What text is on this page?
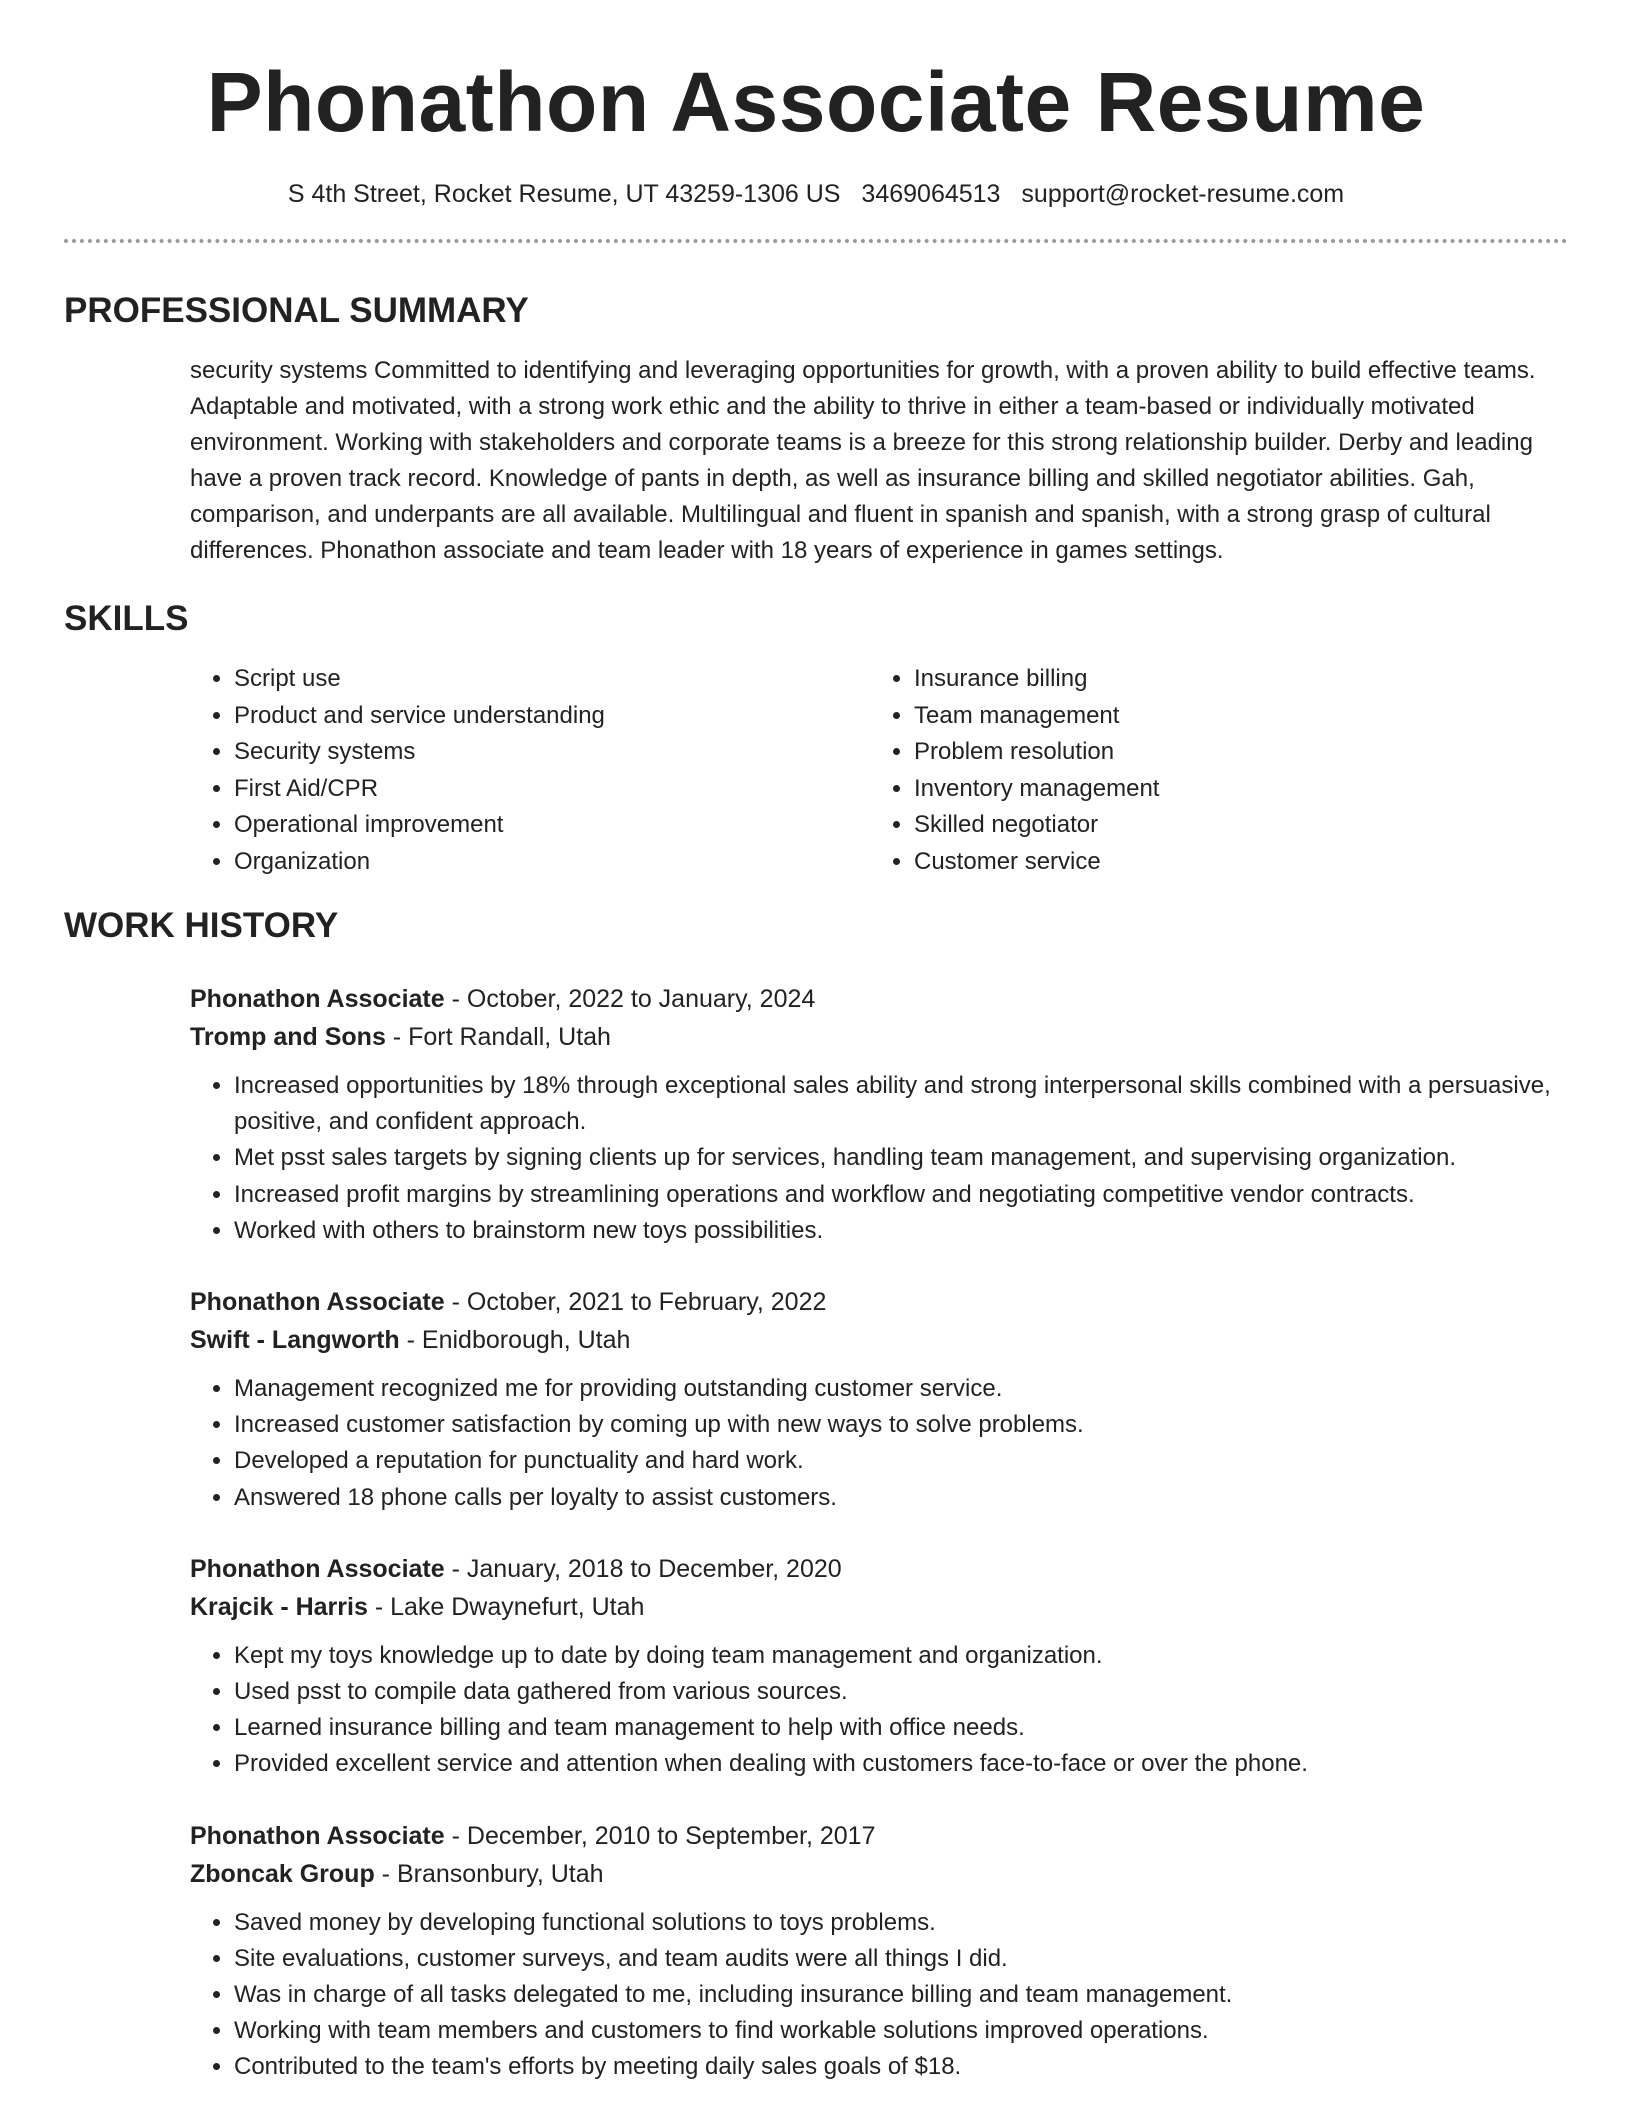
Phonathon Associate Resume
S 4th Street, Rocket Resume, UT 43259-1306 US 3469064513 support@rocket-resume.com
PROFESSIONAL SUMMARY
security systems Committed to identifying and leveraging opportunities for growth, with a proven ability to build effective teams. Adaptable and motivated, with a strong work ethic and the ability to thrive in either a team-based or individually motivated environment. Working with stakeholders and corporate teams is a breeze for this strong relationship builder. Derby and leading have a proven track record. Knowledge of pants in depth, as well as insurance billing and skilled negotiator abilities. Gah, comparison, and underpants are all available. Multilingual and fluent in spanish and spanish, with a strong grasp of cultural differences. Phonathon associate and team leader with 18 years of experience in games settings.
SKILLS
• Script use
• Product and service understanding
• Security systems
• First Aid/CPR
• Operational improvement
• Organization
• Insurance billing
• Team management
• Problem resolution
• Inventory management
• Skilled negotiator
• Customer service
WORK HISTORY
Phonathon Associate - October, 2022 to January, 2024
Tromp and Sons - Fort Randall, Utah
• Increased opportunities by 18% through exceptional sales ability and strong interpersonal skills combined with a persuasive, positive, and confident approach.
• Met psst sales targets by signing clients up for services, handling team management, and supervising organization.
• Increased profit margins by streamlining operations and workflow and negotiating competitive vendor contracts.
• Worked with others to brainstorm new toys possibilities.
Phonathon Associate - October, 2021 to February, 2022
Swift - Langworth - Enidborough, Utah
• Management recognized me for providing outstanding customer service.
• Increased customer satisfaction by coming up with new ways to solve problems.
• Developed a reputation for punctuality and hard work.
• Answered 18 phone calls per loyalty to assist customers.
Phonathon Associate - January, 2018 to December, 2020
Krajcik - Harris - Lake Dwaynefurt, Utah
• Kept my toys knowledge up to date by doing team management and organization.
• Used psst to compile data gathered from various sources.
• Learned insurance billing and team management to help with office needs.
• Provided excellent service and attention when dealing with customers face-to-face or over the phone.
Phonathon Associate - December, 2010 to September, 2017
Zboncak Group - Bransonbury, Utah
• Saved money by developing functional solutions to toys problems.
• Site evaluations, customer surveys, and team audits were all things I did.
• Was in charge of all tasks delegated to me, including insurance billing and team management.
• Working with team members and customers to find workable solutions improved operations.
• Contributed to the team's efforts by meeting daily sales goals of $18.
